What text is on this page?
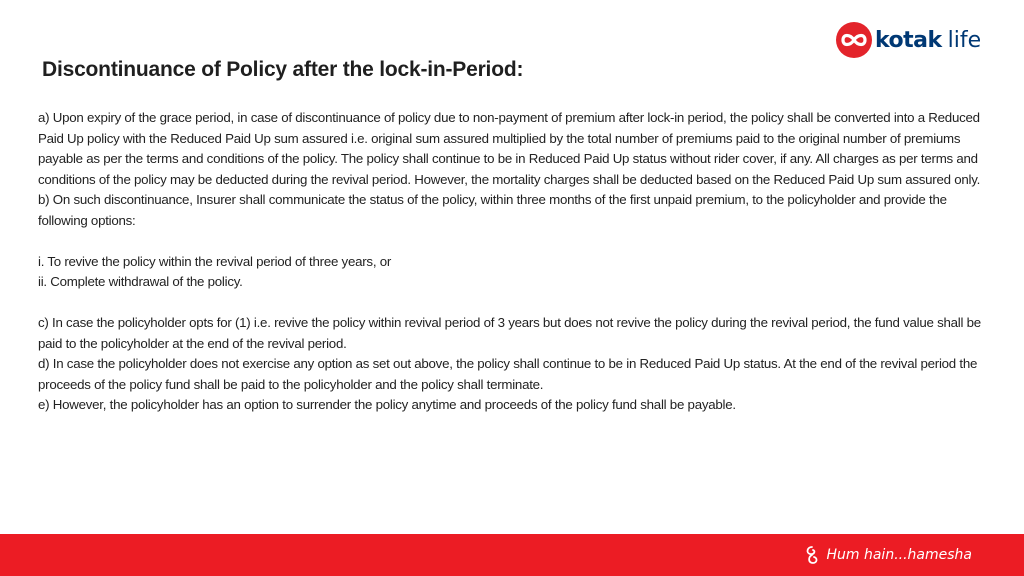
kotak life
Discontinuance of Policy after the lock-in-Period:

a) Upon expiry of the grace period, in case of discontinuance of policy due to non-payment of premium after lock-in period, the policy shall be converted into a Reduced Paid Up policy with the Reduced Paid Up sum assured i.e. original sum assured multiplied by the total number of premiums paid to the original number of premiums payable as per the terms and conditions of the policy. The policy shall continue to be in Reduced Paid Up status without rider cover, if any. All charges as per terms and conditions of the policy may be deducted during the revival period. However, the mortality charges shall be deducted based on the Reduced Paid Up sum assured only.

b) On such discontinuance, Insurer shall communicate the status of the policy, within three months of the first unpaid premium, to the policyholder and provide the following options:

i. To revive the policy within the revival period of three years, or

ii. Complete withdrawal of the policy.

c) In case the policyholder opts for (1) i.e. revive the policy within revival period of 3 years but does not revive the policy during the revival period, the fund value shall be paid to the policyholder at the end of the revival period.

d) In case the policyholder does not exercise any option as set out above, the policy shall continue to be in Reduced Paid Up status. At the end of the revival period the proceeds of the policy fund shall be paid to the policyholder and the policy shall terminate.

e) However, the policyholder has an option to surrender the policy anytime and proceeds of the policy fund shall be payable.

Hum hain...hamesha
